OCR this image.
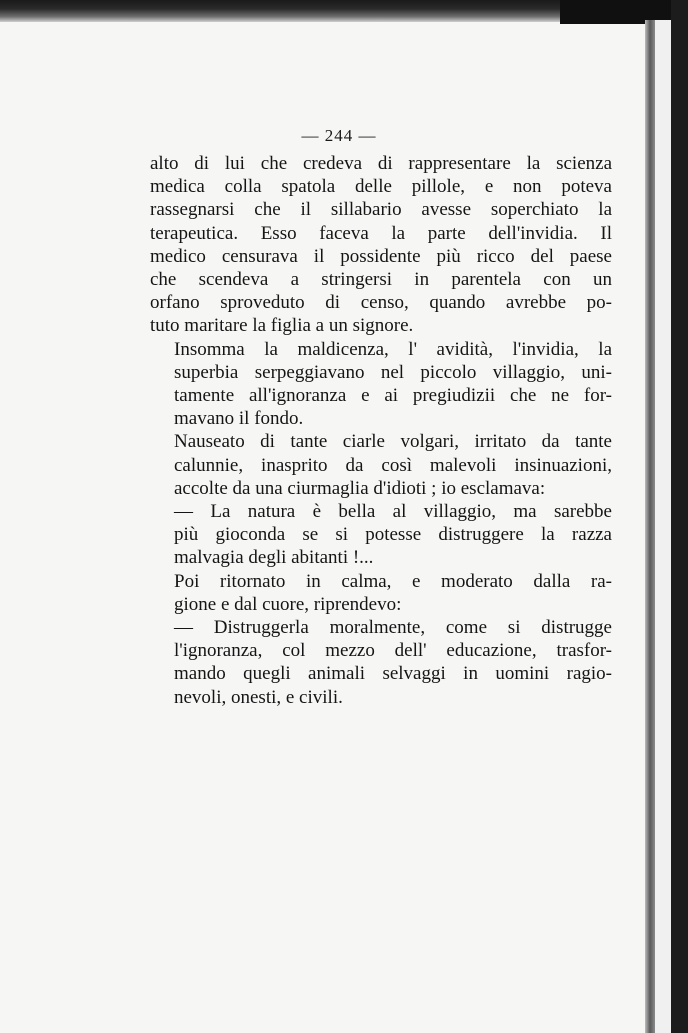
— 244 —

alto di lui che credeva di rappresentare la scienza
medica colla spatola delle pillole, e non poteva
rassegnarsi che il sillabario avesse soperchiato la
terapeutica. Esso faceva la parte dell'invidia. Il
medico censurava il possidente più ricco del paese
che scendeva a stringersi in parentela con un
orfano sproveduto di censo, quando avrebbe po-
tuto maritare la figlia a un signore.

Insomma la maldicenza, l' avidità, l'invidia, la
superbia serpeggiavano nel piccolo villaggio, uni-
tamente all'ignoranza e ai pregiudizii che ne for-
mavano il fondo.

Nauseato di tante ciarle volgari, irritato da tante
calunnie, inasprito da così malevoli insinuazioni,
accolte da una ciurmaglia d'idioti ; io esclamava:

— La natura è bella al villaggio, ma sarebbe
più gioconda se si potesse distruggere la razza
malvagia degli abitanti !...

Poi ritornato in calma, e moderato dalla ra-
gione e dal cuore, riprendevo:

— Distruggerla moralmente, come si distrugge
l'ignoranza, col mezzo dell' educazione, trasfor-
mando quegli animali selvaggi in uomini ragio-
nevoli, onesti, e civili.
